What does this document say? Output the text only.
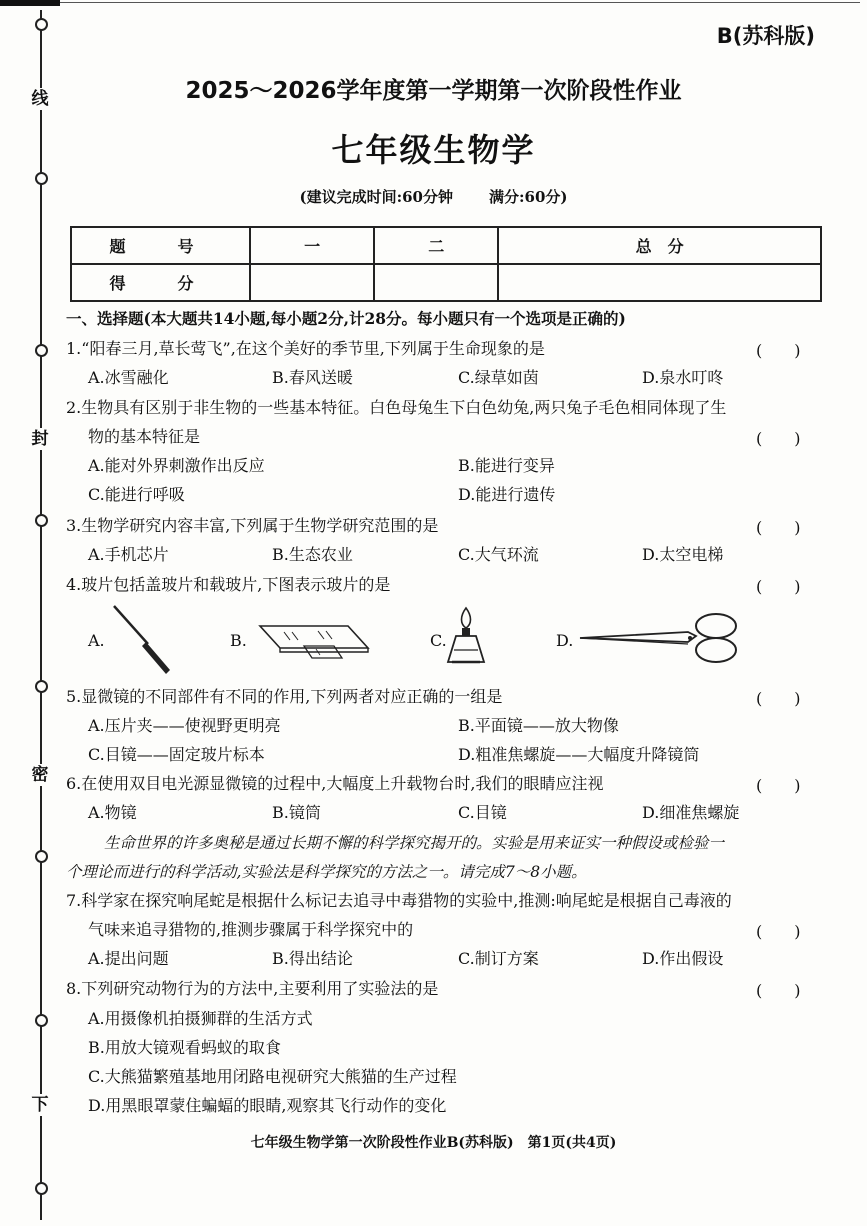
线
封
密
下
B(苏科版)
2025～2026学年度第一学期第一次阶段性作业
七年级生物学
(建议完成时间:60分钟 满分:60分)
题　号	一	二	总　分
得　分			
一、选择题(本大题共14小题,每小题2分,计28分。每小题只有一个选项是正确的)
1.“阳春三月,草长莺飞”,在这个美好的季节里,下列属于生命现象的是	(　　)
A.冰雪融化	B.春风送暖	C.绿草如茵	D.泉水叮咚
2.生物具有区别于非生物的一些基本特征。白色母兔生下白色幼兔,两只兔子毛色相同体现了生
物的基本特征是	(　　)
A.能对外界刺激作出反应	B.能进行变异
C.能进行呼吸	D.能进行遗传
3.生物学研究内容丰富,下列属于生物学研究范围的是	(　　)
A.手机芯片	B.生态农业	C.大气环流	D.太空电梯
4.玻片包括盖玻片和载玻片,下图表示玻片的是	(　　)
A.	B.	C.	D.
5.显微镜的不同部件有不同的作用,下列两者对应正确的一组是	(　　)
A.压片夹——使视野更明亮	B.平面镜——放大物像
C.目镜——固定玻片标本	D.粗准焦螺旋——大幅度升降镜筒
6.在使用双目电光源显微镜的过程中,大幅度上升载物台时,我们的眼睛应注视	(　　)
A.物镜	B.镜筒	C.目镜	D.细准焦螺旋
生命世界的许多奥秘是通过长期不懈的科学探究揭开的。实验是用来证实一种假设或检验一
个理论而进行的科学活动,实验法是科学探究的方法之一。请完成7～8小题。
7.科学家在探究响尾蛇是根据什么标记去追寻中毒猎物的实验中,推测:响尾蛇是根据自己毒液的
气味来追寻猎物的,推测步骤属于科学探究中的	(　　)
A.提出问题	B.得出结论	C.制订方案	D.作出假设
8.下列研究动物行为的方法中,主要利用了实验法的是	(　　)
A.用摄像机拍摄狮群的生活方式
B.用放大镜观看蚂蚁的取食
C.大熊猫繁殖基地用闭路电视研究大熊猫的生产过程
D.用黑眼罩蒙住蝙蝠的眼睛,观察其飞行动作的变化
七年级生物学第一次阶段性作业B(苏科版)　第1页(共4页)
